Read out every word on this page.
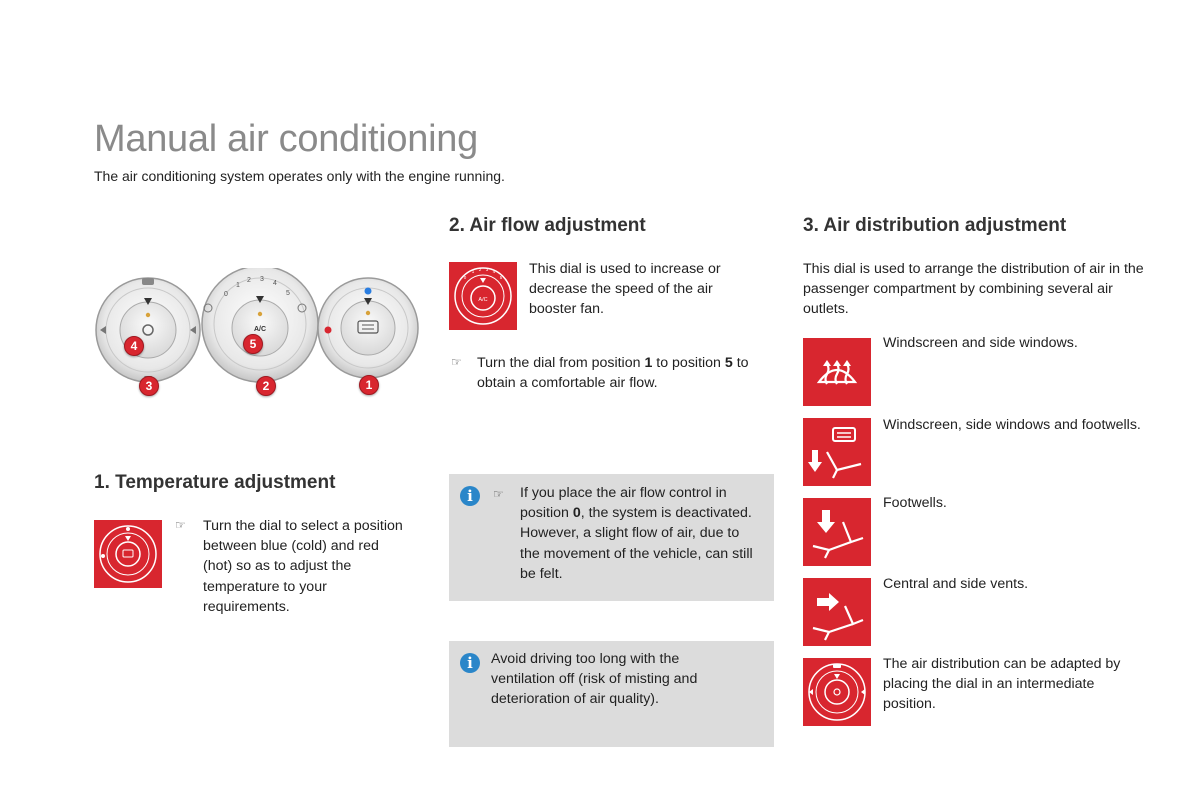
Manual air conditioning
The air conditioning system operates only with the engine running.
A/C
0
1
2 3
4
5
4
3
5
2	1
1. Temperature adjustment
☞ Turn the dial to select a position between blue (cold) and red (hot) so as to adjust the temperature to your requirements.
2. Air flow adjustment
A/C
0
1 2 3 4
5
This dial is used to increase or decrease the speed of the air booster fan.
☞ Turn the dial from position 1 to position 5 to obtain a comfortable air flow.
i	☞ If you place the air flow control in position 0, the system is deactivated. However, a slight flow of air, due to the movement of the vehicle, can still be felt.
i	Avoid driving too long with the ventilation off (risk of misting and deterioration of air quality).
3. Air distribution adjustment
This dial is used to arrange the distribution of air in the passenger compartment by combining several air outlets.
Windscreen and side windows.
Windscreen, side windows and footwells.
Footwells.
Central and side vents.
The air distribution can be adapted by placing the dial in an intermediate position.
